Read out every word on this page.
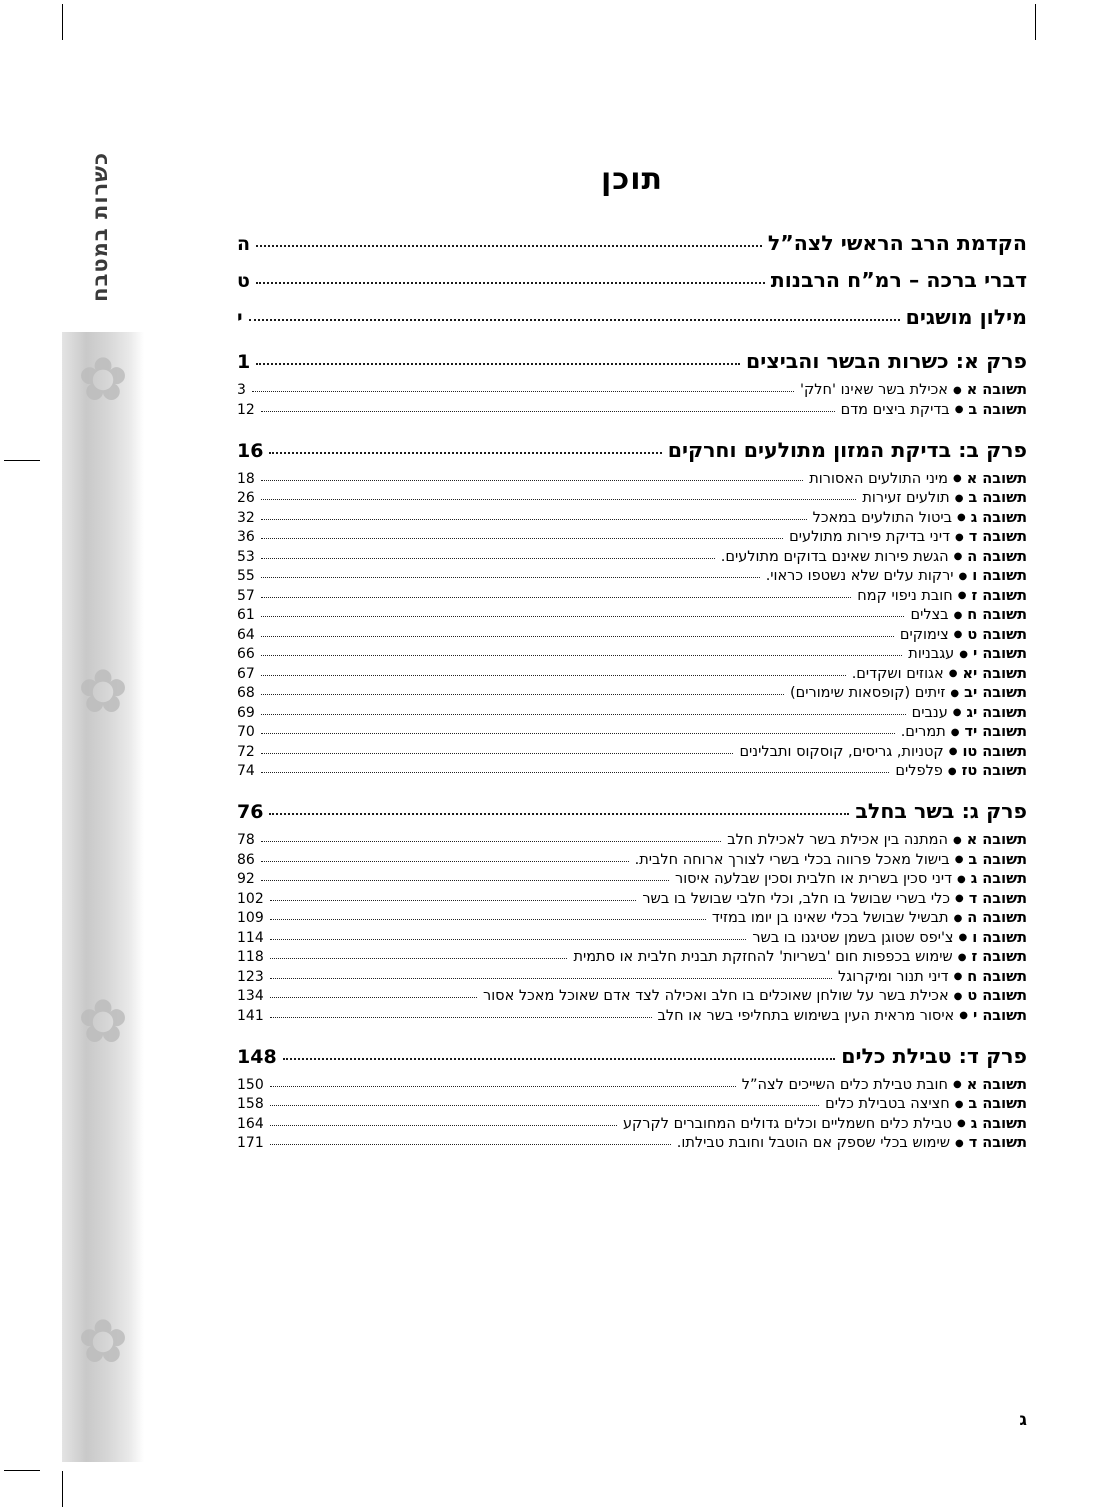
✿
✿
✿
✿
כשרות במטבח	תוכן
הקדמת הרב הראשי לצה”ל
ה
דברי ברכה – רמ”ח הרבנות
ט
מילון מושגים
י
פרק א: כשרות הבשר והביצים
1
תשובה א●אכילת בשר שאינו 'חלק'
3
תשובה ב●בדיקת ביצים מדם
12
פרק ב: בדיקת המזון מתולעים וחרקים
16
תשובה א●מיני התולעים האסורות
18
תשובה ב●תולעים זעירות
26
תשובה ג●ביטול התולעים במאכל
32
תשובה ד●דיני בדיקת פירות מתולעים
36
תשובה ה●הגשת פירות שאינם בדוקים מתולעים.
53
תשובה ו●ירקות עלים שלא נשטפו כראוי.
55
תשובה ז●חובת ניפוי קמח
57
תשובה ח●בצלים
61
תשובה ט●צימוקים
64
תשובה י●עגבניות
66
תשובה יא●אגוזים ושקדים.
67
תשובה יב●זיתים (קופסאות שימורים)
68
תשובה יג●ענבים
69
תשובה יד●תמרים.
70
תשובה טו●קטניות, גריסים, קוסקוס ותבלינים
72
תשובה טז●פלפלים
74
פרק ג: בשר בחלב
76
תשובה א●המתנה בין אכילת בשר לאכילת חלב
78
תשובה ב●בישול מאכל פרווה בכלי בשרי לצורך ארוחה חלבית.
86
תשובה ג●דיני סכין בשרית או חלבית וסכין שבלעה איסור
92
תשובה ד●כלי בשרי שבושל בו חלב, וכלי חלבי שבושל בו בשר
102
תשובה ה●תבשיל שבושל בכלי שאינו בן יומו במזיד
109
תשובה ו●צ'יפס שטוגן בשמן שטיגנו בו בשר
114
תשובה ז●שימוש בכפפות חום 'בשריות' להחזקת תבנית חלבית או סתמית
118
תשובה ח●דיני תנור ומיקרוגל
123
תשובה ט●אכילת בשר על שולחן שאוכלים בו חלב ואכילה לצד אדם שאוכל מאכל אסור
134
תשובה י●איסור מראית העין בשימוש בתחליפי בשר או חלב
141
פרק ד: טבילת כלים
148
תשובה א●חובת טבילת כלים השייכים לצה”ל
150
תשובה ב●חציצה בטבילת כלים
158
תשובה ג●טבילת כלים חשמליים וכלים גדולים המחוברים לקרקע
164
תשובה ד●שימוש בכלי שספק אם הוטבל וחובת טבילתו.
171
ג
